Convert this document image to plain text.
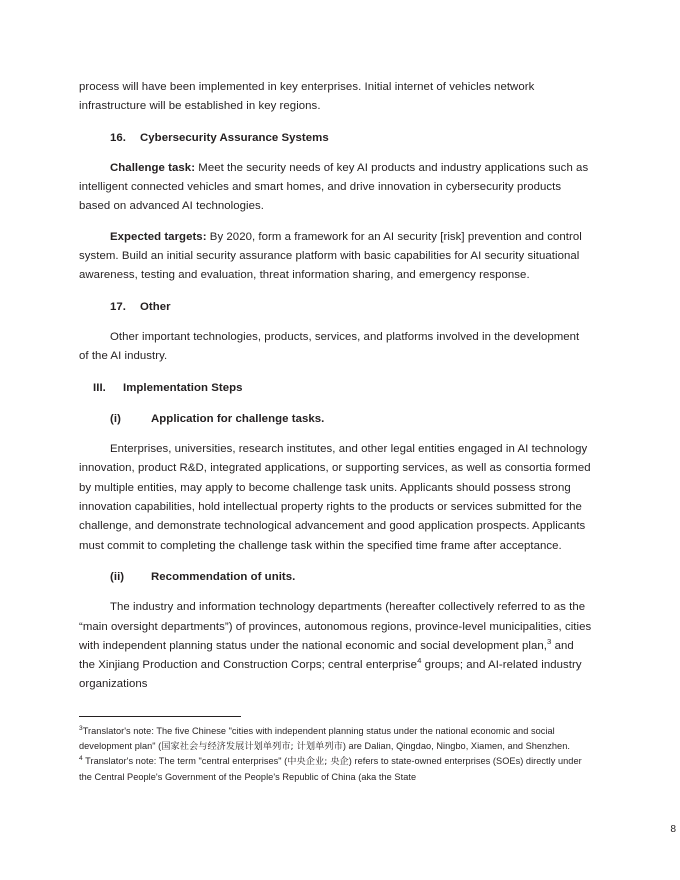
process will have been implemented in key enterprises. Initial internet of vehicles network infrastructure will be established in key regions.

16. Cybersecurity Assurance Systems

Challenge task: Meet the security needs of key AI products and industry applications such as intelligent connected vehicles and smart homes, and drive innovation in cybersecurity products based on advanced AI technologies.

Expected targets: By 2020, form a framework for an AI security [risk] prevention and control system. Build an initial security assurance platform with basic capabilities for AI security situational awareness, testing and evaluation, threat information sharing, and emergency response.

17. Other

Other important technologies, products, services, and platforms involved in the development of the AI industry.

III. Implementation Steps

(i)	Application for challenge tasks.

Enterprises, universities, research institutes, and other legal entities engaged in AI technology innovation, product R&D, integrated applications, or supporting services, as well as consortia formed by multiple entities, may apply to become challenge task units. Applicants should possess strong innovation capabilities, hold intellectual property rights to the products or services submitted for the challenge, and demonstrate technological advancement and good application prospects. Applicants must commit to completing the challenge task within the specified time frame after acceptance.

(ii) Recommendation of units.

The industry and information technology departments (hereafter collectively referred to as the “main oversight departments”) of provinces, autonomous regions, province-level municipalities, cities with independent planning status under the national economic and social development plan,$^3$ and the Xinjiang Production and Construction Corps; central enterprise$^4$ groups; and AI-related industry organizations

$^3$Translator's note: The five Chinese "cities with independent planning status under the national economic and social development plan" (国家社会与经济发展计划单列市; 计划单列市) are Dalian, Qingdao, Ningbo, Xiamen, and Shenzhen.

$^4$ Translator's note: The term "central enterprises" (中央企业; 央企) refers to state-owned enterprises (SOEs) directly under the Central People's Government of the People's Republic of China (aka the State

8
